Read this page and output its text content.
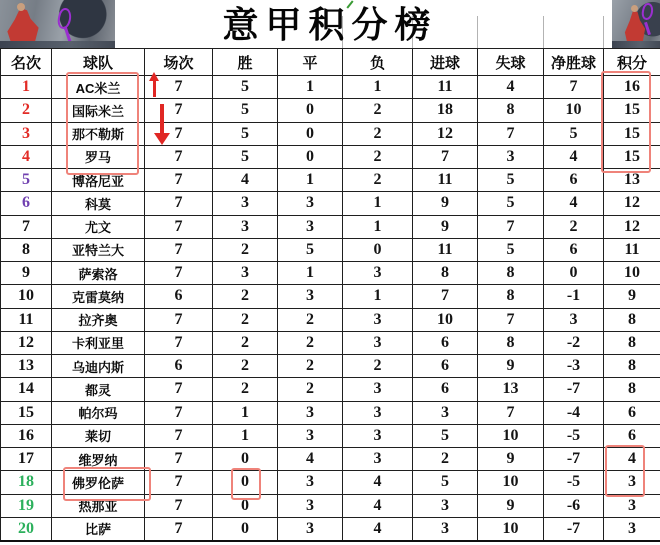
意甲积分榜
名次	球队	场次	胜	平	负	进球	失球	净胜球	积分
1	AC米兰	7	5	1	1	11	4	7	16
2	国际米兰	7	5	0	2	18	8	10	15
3	那不勒斯	7	5	0	2	12	7	5	15
4	罗马	7	5	0	2	7	3	4	15
5	博洛尼亚	7	4	1	2	11	5	6	13
6	科莫	7	3	3	1	9	5	4	12
7	尤文	7	3	3	1	9	7	2	12
8	亚特兰大	7	2	5	0	11	5	6	11
9	萨索洛	7	3	1	3	8	8	0	10
10	克雷莫纳	6	2	3	1	7	8	-1	9
11	拉齐奥	7	2	2	3	10	7	3	8
12	卡利亚里	7	2	2	3	6	8	-2	8
13	乌迪内斯	6	2	2	2	6	9	-3	8
14	都灵	7	2	2	3	6	13	-7	8
15	帕尔玛	7	1	3	3	3	7	-4	6
16	莱切	7	1	3	3	5	10	-5	6
17	维罗纳	7	0	4	3	2	9	-7	4
18	佛罗伦萨	7	0	3	4	5	10	-5	3
19	热那亚	7	0	3	4	3	9	-6	3
20	比萨	7	0	3	4	3	10	-7	3
